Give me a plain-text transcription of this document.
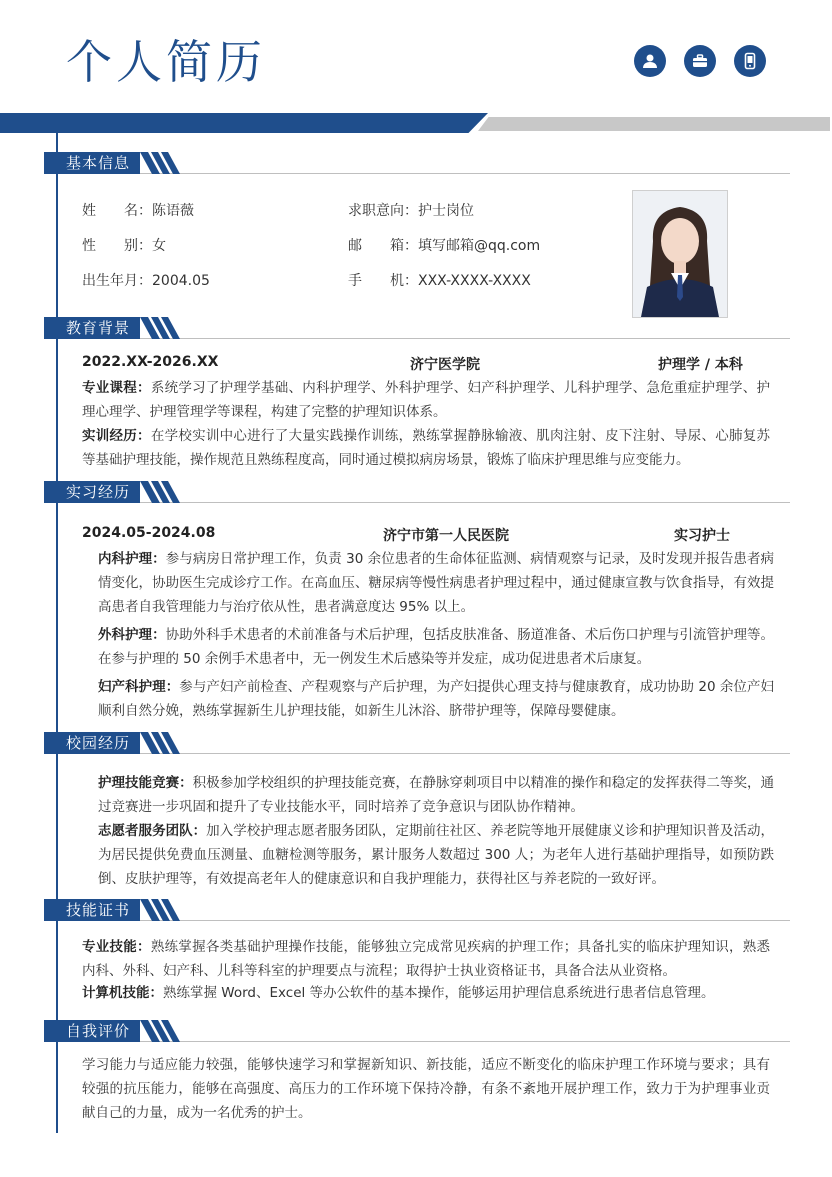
个人简历
基本信息
姓　　名：陈语薇
性　　别：女
出生年月：2004.05
求职意向：护士岗位
邮　　箱：填写邮箱@qq.com
手　　机：XXX-XXXX-XXXX
教育背景
2022.XX-2026.XX	济宁医学院	护理学 / 本科
专业课程：系统学习了护理学基础、内科护理学、外科护理学、妇产科护理学、儿科护理学、急危重症护理学、护理心理学、护理管理学等课程，构建了完整的护理知识体系。
实训经历：在学校实训中心进行了大量实践操作训练，熟练掌握静脉输液、肌肉注射、皮下注射、导尿、心肺复苏等基础护理技能，操作规范且熟练程度高，同时通过模拟病房场景，锻炼了临床护理思维与应变能力。
实习经历
2024.05-2024.08	济宁市第一人民医院	实习护士
内科护理：参与病房日常护理工作，负责 30 余位患者的生命体征监测、病情观察与记录，及时发现并报告患者病情变化，协助医生完成诊疗工作。在高血压、糖尿病等慢性病患者护理过程中，通过健康宣教与饮食指导，有效提高患者自我管理能力与治疗依从性，患者满意度达 95% 以上。
外科护理：协助外科手术患者的术前准备与术后护理，包括皮肤准备、肠道准备、术后伤口护理与引流管护理等。在参与护理的 50 余例手术患者中，无一例发生术后感染等并发症，成功促进患者术后康复。
妇产科护理：参与产妇产前检查、产程观察与产后护理，为产妇提供心理支持与健康教育，成功协助 20 余位产妇顺利自然分娩，熟练掌握新生儿护理技能，如新生儿沐浴、脐带护理等，保障母婴健康。
校园经历
护理技能竞赛：积极参加学校组织的护理技能竞赛，在静脉穿刺项目中以精准的操作和稳定的发挥获得二等奖，通过竞赛进一步巩固和提升了专业技能水平，同时培养了竞争意识与团队协作精神。
志愿者服务团队：加入学校护理志愿者服务团队，定期前往社区、养老院等地开展健康义诊和护理知识普及活动，为居民提供免费血压测量、血糖检测等服务，累计服务人数超过 300 人；为老年人进行基础护理指导，如预防跌倒、皮肤护理等，有效提高老年人的健康意识和自我护理能力，获得社区与养老院的一致好评。
技能证书
专业技能：熟练掌握各类基础护理操作技能，能够独立完成常见疾病的护理工作；具备扎实的临床护理知识，熟悉内科、外科、妇产科、儿科等科室的护理要点与流程；取得护士执业资格证书，具备合法从业资格。
计算机技能：熟练掌握 Word、Excel 等办公软件的基本操作，能够运用护理信息系统进行患者信息管理。
自我评价
学习能力与适应能力较强，能够快速学习和掌握新知识、新技能，适应不断变化的临床护理工作环境与要求；具有较强的抗压能力，能够在高强度、高压力的工作环境下保持冷静，有条不紊地开展护理工作，致力于为护理事业贡献自己的力量，成为一名优秀的护士。
